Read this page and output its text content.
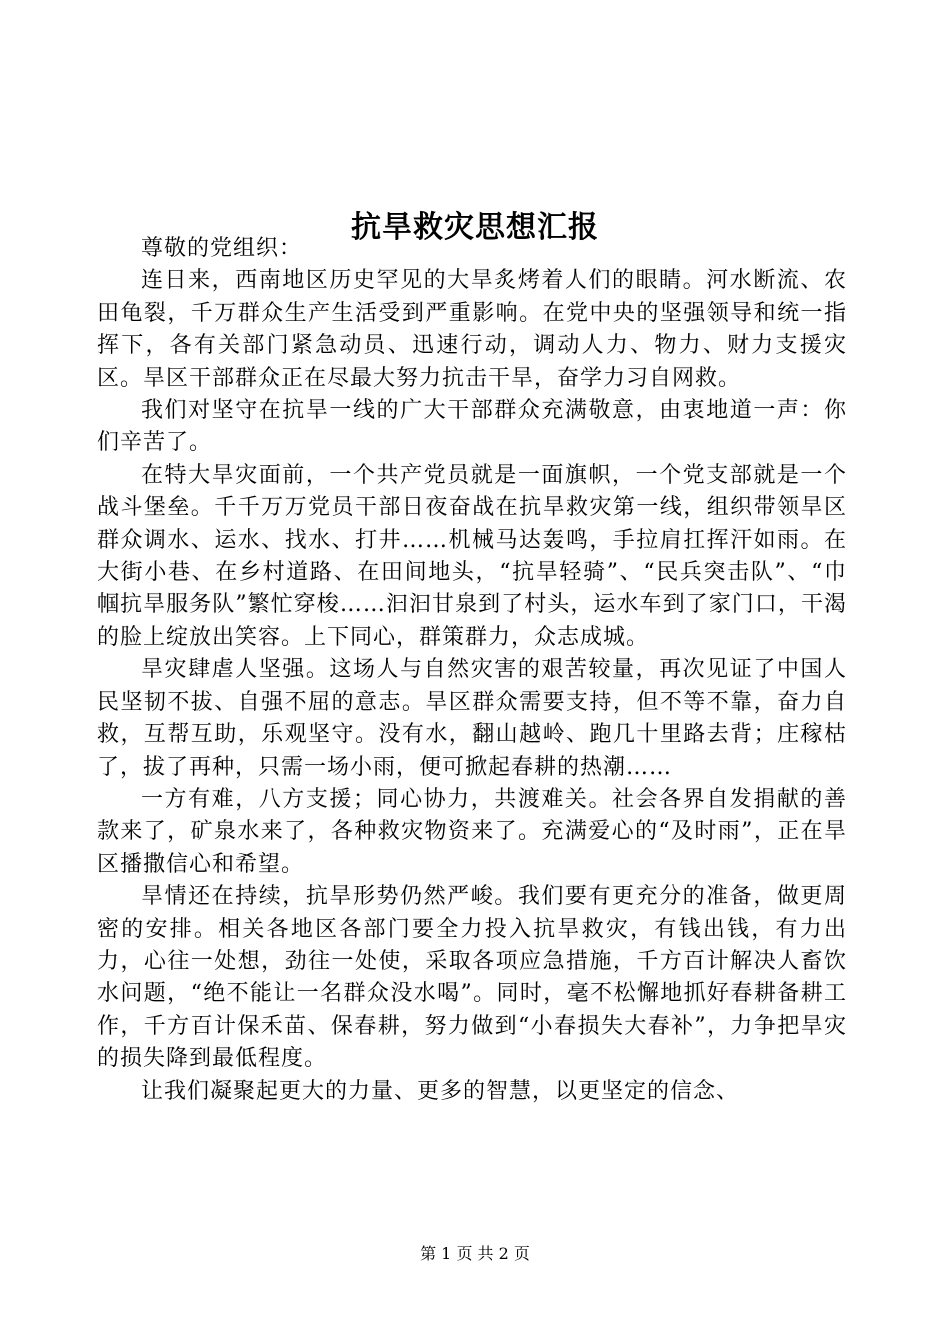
抗旱救灾思想汇报

尊敬的党组织：

连日来，西南地区历史罕见的大旱炙烤着人们的眼睛。河水断流、农田龟裂，千万群众生产生活受到严重影响。在党中央的坚强领导和统一指挥下，各有关部门紧急动员、迅速行动，调动人力、物力、财力支援灾区。旱区干部群众正在尽最大努力抗击干旱，奋学力习自网救。

我们对坚守在抗旱一线的广大干部群众充满敬意，由衷地道一声：你们辛苦了。

在特大旱灾面前，一个共产党员就是一面旗帜，一个党支部就是一个战斗堡垒。千千万万党员干部日夜奋战在抗旱救灾第一线，组织带领旱区群众调水、运水、找水、打井……机械马达轰鸣，手拉肩扛挥汗如雨。在大街小巷、在乡村道路、在田间地头，“抗旱轻骑”、“民兵突击队”、“巾帼抗旱服务队”繁忙穿梭……汩汩甘泉到了村头，运水车到了家门口，干渴的脸上绽放出笑容。上下同心，群策群力，众志成城。

旱灾肆虐人坚强。这场人与自然灾害的艰苦较量，再次见证了中国人民坚韧不拔、自强不屈的意志。旱区群众需要支持，但不等不靠，奋力自救，互帮互助，乐观坚守。没有水，翻山越岭、跑几十里路去背；庄稼枯了，拔了再种，只需一场小雨，便可掀起春耕的热潮……

一方有难，八方支援；同心协力，共渡难关。社会各界自发捐献的善款来了，矿泉水来了，各种救灾物资来了。充满爱心的“及时雨”，正在旱区播撒信心和希望。

旱情还在持续，抗旱形势仍然严峻。我们要有更充分的准备，做更周密的安排。相关各地区各部门要全力投入抗旱救灾，有钱出钱，有力出力，心往一处想，劲往一处使，采取各项应急措施，千方百计解决人畜饮水问题，“绝不能让一名群众没水喝”。同时，毫不松懈地抓好春耕备耕工作，千方百计保禾苗、保春耕，努力做到“小春损失大春补”，力争把旱灾的损失降到最低程度。

让我们凝聚起更大的力量、更多的智慧，以更坚定的信念、

第 1 页 共 2 页
